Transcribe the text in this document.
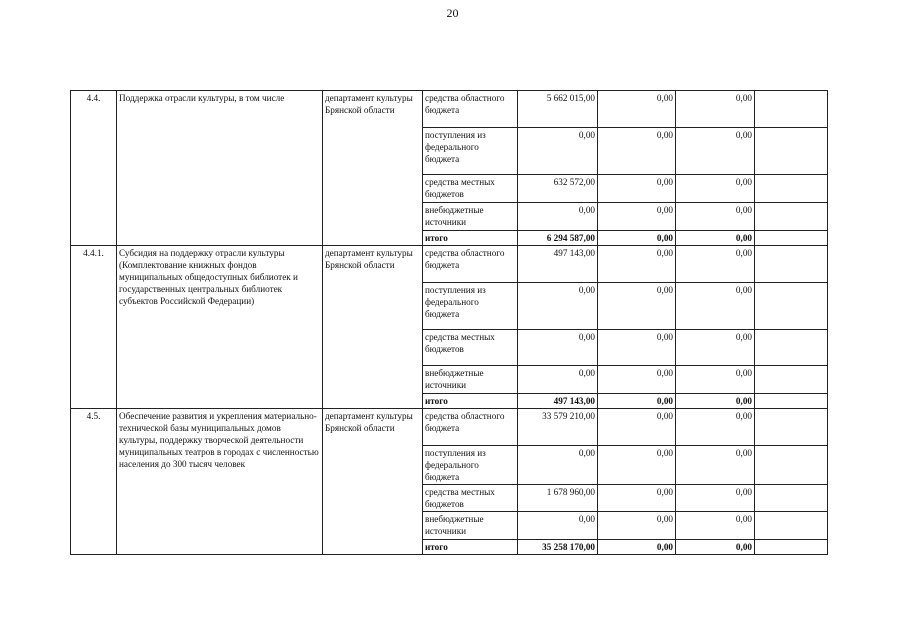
20
4.4.	Поддержка отрасли культуры, в том числе	департамент культуры Брянской области	средства областного бюджета	5 662 015,00	0,00	0,00	
			поступления из федерального бюджета	0,00	0,00	0,00	
			средства местных бюджетов	632 572,00	0,00	0,00	
			внебюджетные источники	0,00	0,00	0,00	
			итого	6 294 587,00	0,00	0,00	
4.4.1.	Субсидия на поддержку отрасли культуры (Комплектование книжных фондов муниципальных общедоступных библиотек и государственных центральных библиотек субъектов Российской Федерации)	департамент культуры Брянской области	средства областного бюджета	497 143,00	0,00	0,00	
			поступления из федерального бюджета	0,00	0,00	0,00	
			средства местных бюджетов	0,00	0,00	0,00	
			внебюджетные источники	0,00	0,00	0,00	
			итого	497 143,00	0,00	0,00	
4.5.	Обеспечение развития и укрепления материально-технической базы муниципальных домов культуры, поддержку творческой деятельности муниципальных театров в городах с численностью населения до 300 тысяч человек	департамент культуры Брянской области	средства областного бюджета	33 579 210,00	0,00	0,00	
			поступления из федерального бюджета	0,00	0,00	0,00	
			средства местных бюджетов	1 678 960,00	0,00	0,00	
			внебюджетные источники	0,00	0,00	0,00	
			итого	35 258 170,00	0,00	0,00	
